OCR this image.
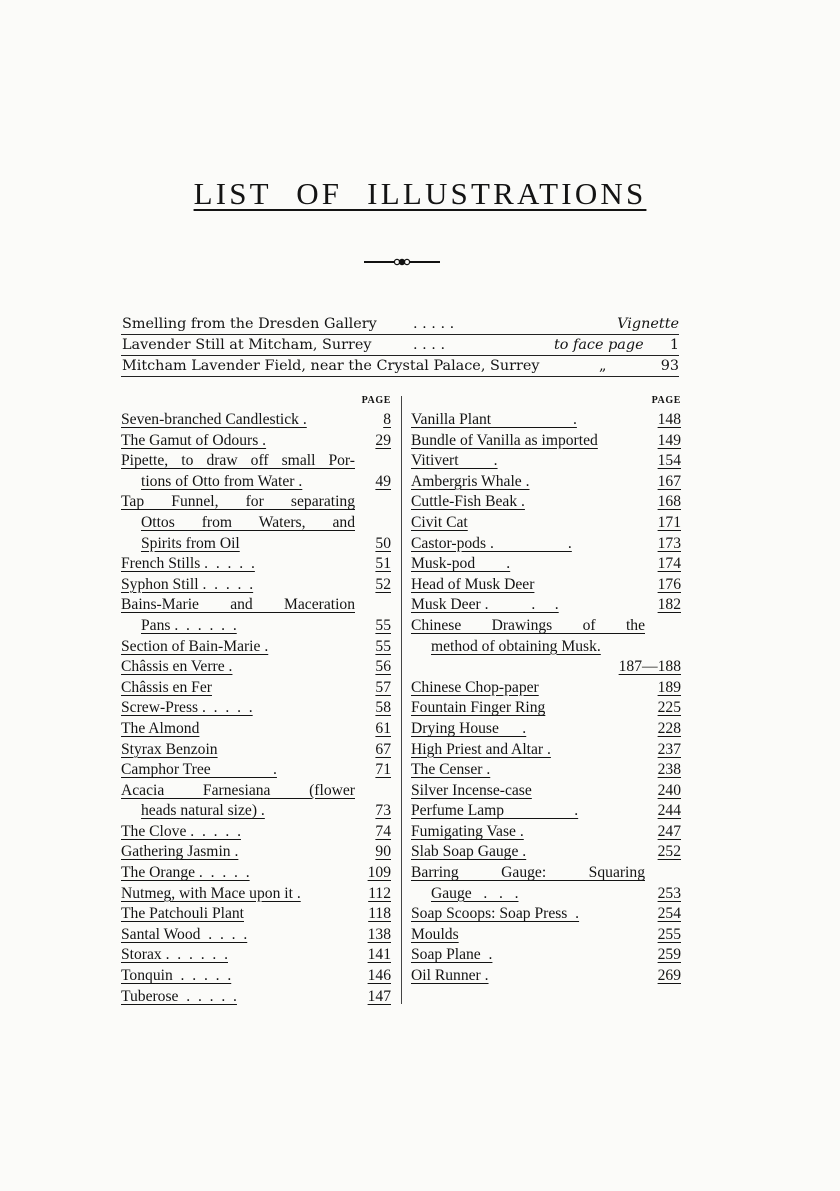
LIST OF ILLUSTRATIONS
Smelling from the Dresden Gallery	. . . . .	Vignette
Lavender Still at Mitcham, Surrey	. . . .	to face page 1
Mitcham Lavender Field, near the Crystal Palace, Surrey	„	93
PAGE
Seven-branched Candlestick .	8
The Gamut of Odours .	29
Pipette, to draw off small Por-
tions of Otto from Water .	49
Tap Funnel, for separating
Ottos from Waters, and
Spirits from Oil	50
French Stills .  .  .  .  .	51
Syphon Still .  .  .  .  .	52
Bains-Marie and Maceration
Pans .  .  .  .  .  .	55
Section of Bain-Marie .	55
Châssis en Verre .	56
Châssis en Fer	57
Screw-Press .  .  .  .  .	58
The Almond	61
Styrax Benzoin	67
Camphor Tree                .	71
Acacia Farnesiana (flower
heads natural size) .	73
The Clove .  .  .  .  .	74
Gathering Jasmin .	90
The Orange .  .  .  .  .	109
Nutmeg, with Mace upon it .	112
The Patchouli Plant	118
Santal Wood  .  .  .  .	138
Storax .  .  .  .  .  .	141
Tonquin  .  .  .  .  .	146
Tuberose  .  .  .  .  .	147
PAGE
Vanilla Plant                     .	148
Bundle of Vanilla as imported	149
Vitivert         .	154
Ambergris Whale .	167
Cuttle-Fish Beak .	168
Civit Cat	171
Castor-pods .                   .	173
Musk-pod        .	174
Head of Musk Deer	176
Musk Deer .           .     .	182
Chinese Drawings of the
method of obtaining Musk.
187—188
Chinese Chop-paper	189
Fountain Finger Ring	225
Drying House      .	228
High Priest and Altar .	237
The Censer .	238
Silver Incense-case	240
Perfume Lamp                  .	244
Fumigating Vase .	247
Slab Soap Gauge .	252
Barring Gauge: Squaring
Gauge   .   .   .	253
Soap Scoops: Soap Press  .	254
Moulds	255
Soap Plane  .	259
Oil Runner .	269
